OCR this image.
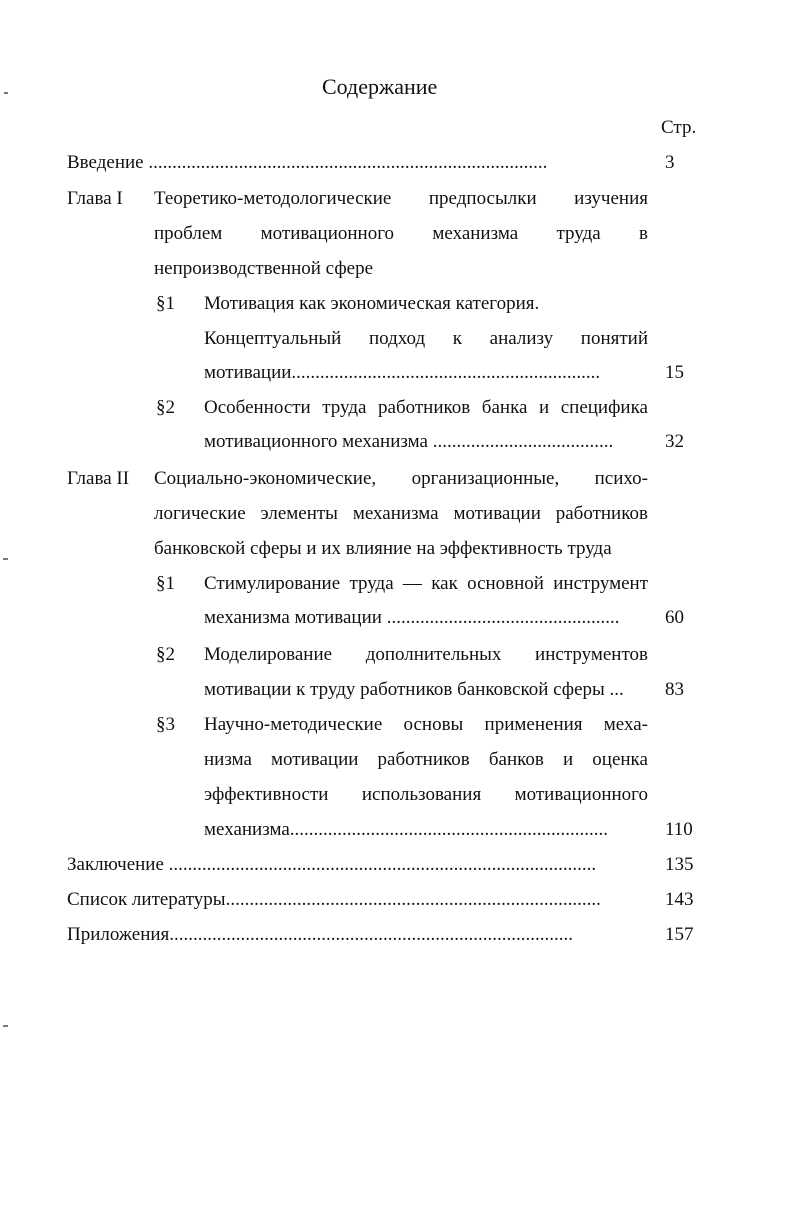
Содержание
Стр.
Введение ....................................................................................	3
Глава I Теоретико-методологические предпосылки изучения
проблем мотивационного механизма труда в
непроизводственной сфере
§1 Мотивация как экономическая категория.
Концептуальный подход к анализу понятий
мотивации.................................................................	15
§2 Особенности труда работников банка и специфика
мотивационного механизма ......................................	32
Глава II Социально-экономические, организационные, психо-
логические элементы механизма мотивации работников
банковской сферы и их влияние на эффективность труда
§1 Стимулирование труда — как основной инструмент
механизма мотивации ................................................. 60
§2 Моделирование дополнительных инструментов
мотивации к труду работников банковской сферы ... 83
§3 Научно-методические основы применения меха-
низма мотивации работников банков и оценка
эффективности использования мотивационного
механизма...................................................................	110
Заключение ..........................................................................................	135
Список литературы...............................................................................	143
Приложения.....................................................................................	157
